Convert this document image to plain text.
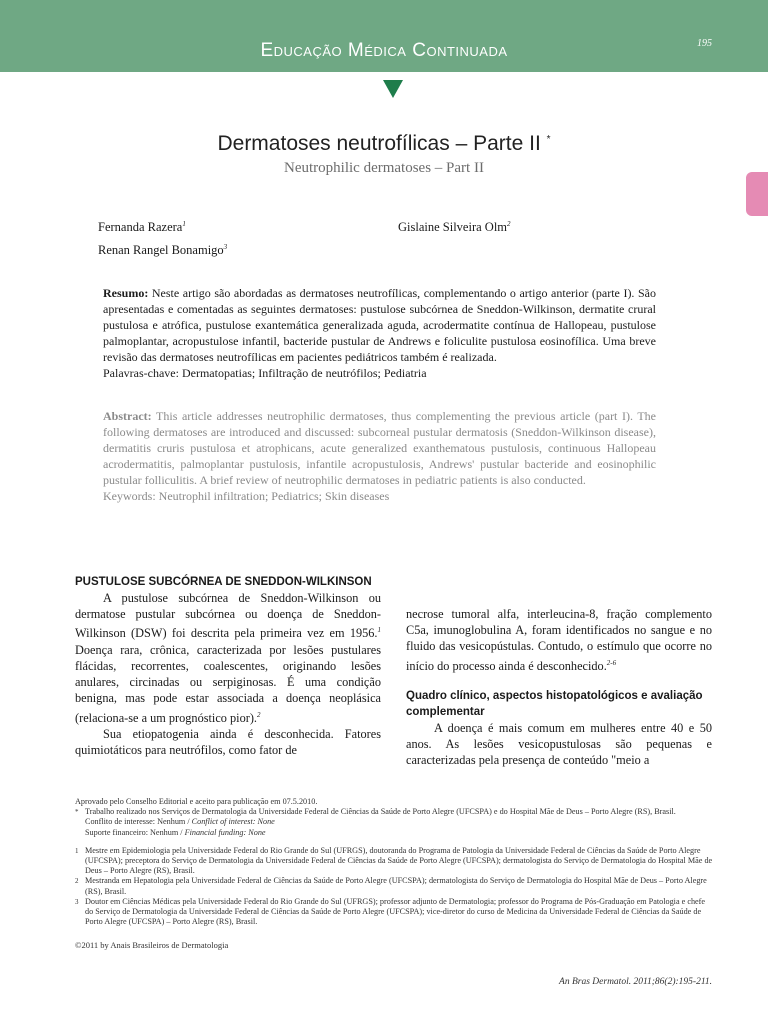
Educação Médica Continuada	195
Dermatoses neutrofílicas – Parte II *
Neutrophilic dermatoses – Part II
Fernanda Razera$^1$
Renan Rangel Bonamigo$^3$
Gislaine Silveira Olm$^2$

Resumo: Neste artigo são abordadas as dermatoses neutrofílicas, complementando o artigo anterior (parte I). São apresentadas e comentadas as seguintes dermatoses: pustulose subcórnea de Sneddon-Wilkinson, dermatite crural pustulosa e atrófica, pustulose exantemática generalizada aguda, acrodermatite contínua de Hallopeau, pustulose palmoplantar, acropustulose infantil, bacteride pustular de Andrews e foliculite pustulosa eosinofílica. Uma breve revisão das dermatoses neutrofílicas em pacientes pediátricos também é realizada.

Palavras-chave: Dermatopatias; Infiltração de neutrófilos; Pediatria

Abstract: This article addresses neutrophilic dermatoses, thus complementing the previous article (part I). The following dermatoses are introduced and discussed: subcorneal pustular dermatosis (Sneddon-Wilkinson disease), dermatitis cruris pustulosa et atrophicans, acute generalized exanthematous pustulosis, continuous Hallopeau acrodermatitis, palmoplantar pustulosis, infantile acropustulosis, Andrews' pustular bacteride and eosinophilic pustular folliculitis. A brief review of neutrophilic dermatoses in pediatric patients is also conducted.

Keywords: Neutrophil infiltration; Pediatrics; Skin diseases

PUSTULOSE SUBCÓRNEA DE SNEDDON-WILKINSON

A pustulose subcórnea de Sneddon-Wilkinson ou dermatose pustular subcórnea ou doença de Sneddon-Wilkinson (DSW) foi descrita pela primeira vez em 1956.$^1$ Doença rara, crônica, caracterizada por lesões pustulares flácidas, recorrentes, coalescentes, originando lesões anulares, circinadas ou serpiginosas. É uma condição benigna, mas pode estar associada a doença neoplásica (relaciona-se a um prognóstico pior).$^2$

Sua etiopatogenia ainda é desconhecida. Fatores quimiotáticos para neutrófilos, como fator de

necrose tumoral alfa, interleucina-8, fração complemento C5a, imunoglobulina A, foram identificados no sangue e no fluido das vesicopústulas. Contudo, o estímulo que ocorre no início do processo ainda é desconhecido.$^{2-6}$

Quadro clínico, aspectos histopatológicos e avaliação complementar

A doença é mais comum em mulheres entre 40 e 50 anos. As lesões vesicopustulosas são pequenas e caracterizadas pela presença de conteúdo "meio a

Aprovado pelo Conselho Editorial e aceito para publicação em 07.5.2010.
* Trabalho realizado nos Serviços de Dermatologia da Universidade Federal de Ciências da Saúde de Porto Alegre (UFCSPA) e do Hospital Mãe de Deus – Porto Alegre (RS), Brasil.
Conflito de interesse: Nenhum / Conflict of interest: None
Suporte financeiro: Nenhum / Financial funding: None
1 Mestre em Epidemiologia pela Universidade Federal do Rio Grande do Sul (UFRGS), doutoranda do Programa de Patologia da Universidade Federal de Ciências da Saúde de Porto Alegre (UFCSPA); preceptora do Serviço de Dermatologia da Universidade Federal de Ciências da Saúde de Porto Alegre (UFCSPA); dermatologista do Serviço de Dermatologia do Hospital Mãe de Deus – Porto Alegre (RS), Brasil.
2 Mestranda em Hepatologia pela Universidade Federal de Ciências da Saúde de Porto Alegre (UFCSPA); dermatologista do Serviço de Dermatologia do Hospital Mãe de Deus – Porto Alegre (RS), Brasil.
3 Doutor em Ciências Médicas pela Universidade Federal do Rio Grande do Sul (UFRGS); professor adjunto de Dermatologia; professor do Programa de Pós-Graduação em Patologia e chefe do Serviço de Dermatologia da Universidade Federal de Ciências da Saúde de Porto Alegre (UFCSPA); vice-diretor do curso de Medicina da Universidade Federal de Ciências da Saúde de Porto Alegre (UFCSPA) – Porto Alegre (RS), Brasil.
©2011 by Anais Brasileiros de Dermatologia
An Bras Dermatol. 2011;86(2):195-211.
